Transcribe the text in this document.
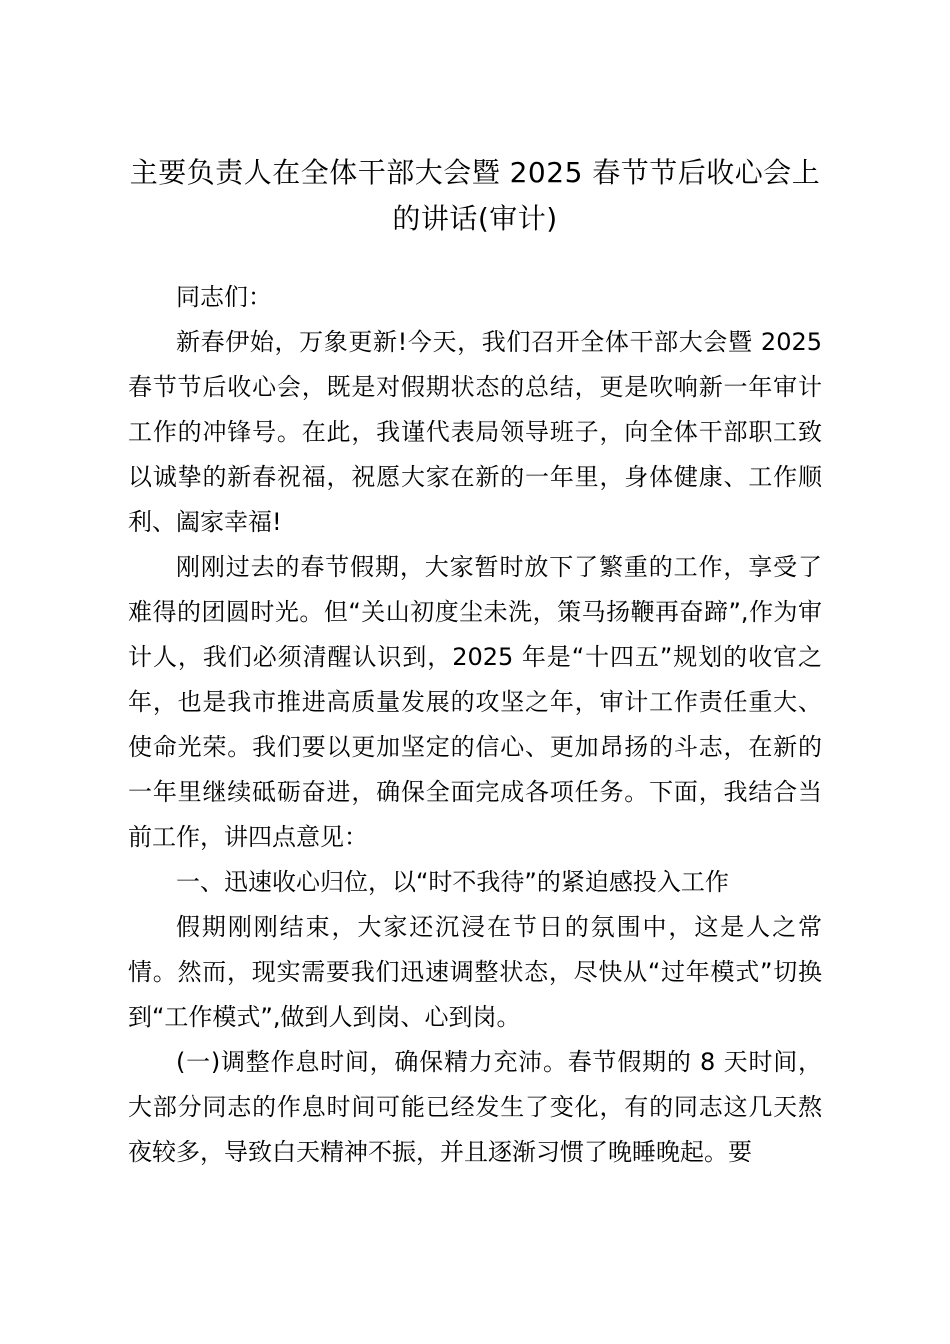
主要负责人在全体干部大会暨 2025 春节节后收心会上
的讲话(审计)

同志们：

新春伊始，万象更新!今天，我们召开全体干部大会暨 2025 春节节后收心会，既是对假期状态的总结，更是吹响新一年审计工作的冲锋号。在此，我谨代表局领导班子，向全体干部职工致以诚挚的新春祝福，祝愿大家在新的一年里，身体健康、工作顺利、阖家幸福!

刚刚过去的春节假期，大家暂时放下了繁重的工作，享受了难得的团圆时光。但“关山初度尘未洗，策马扬鞭再奋蹄”,作为审计人，我们必须清醒认识到，2025 年是“十四五”规划的收官之年，也是我市推进高质量发展的攻坚之年，审计工作责任重大、使命光荣。我们要以更加坚定的信心、更加昂扬的斗志，在新的一年里继续砥砺奋进，确保全面完成各项任务。下面，我结合当前工作，讲四点意见：

一、迅速收心归位，以“时不我待”的紧迫感投入工作

假期刚刚结束，大家还沉浸在节日的氛围中，这是人之常情。然而，现实需要我们迅速调整状态，尽快从“过年模式”切换到“工作模式”,做到人到岗、心到岗。

(一)调整作息时间，确保精力充沛。春节假期的 8 天时间，大部分同志的作息时间可能已经发生了变化，有的同志这几天熬夜较多，导致白天精神不振，并且逐渐习惯了晚睡晚起。要
